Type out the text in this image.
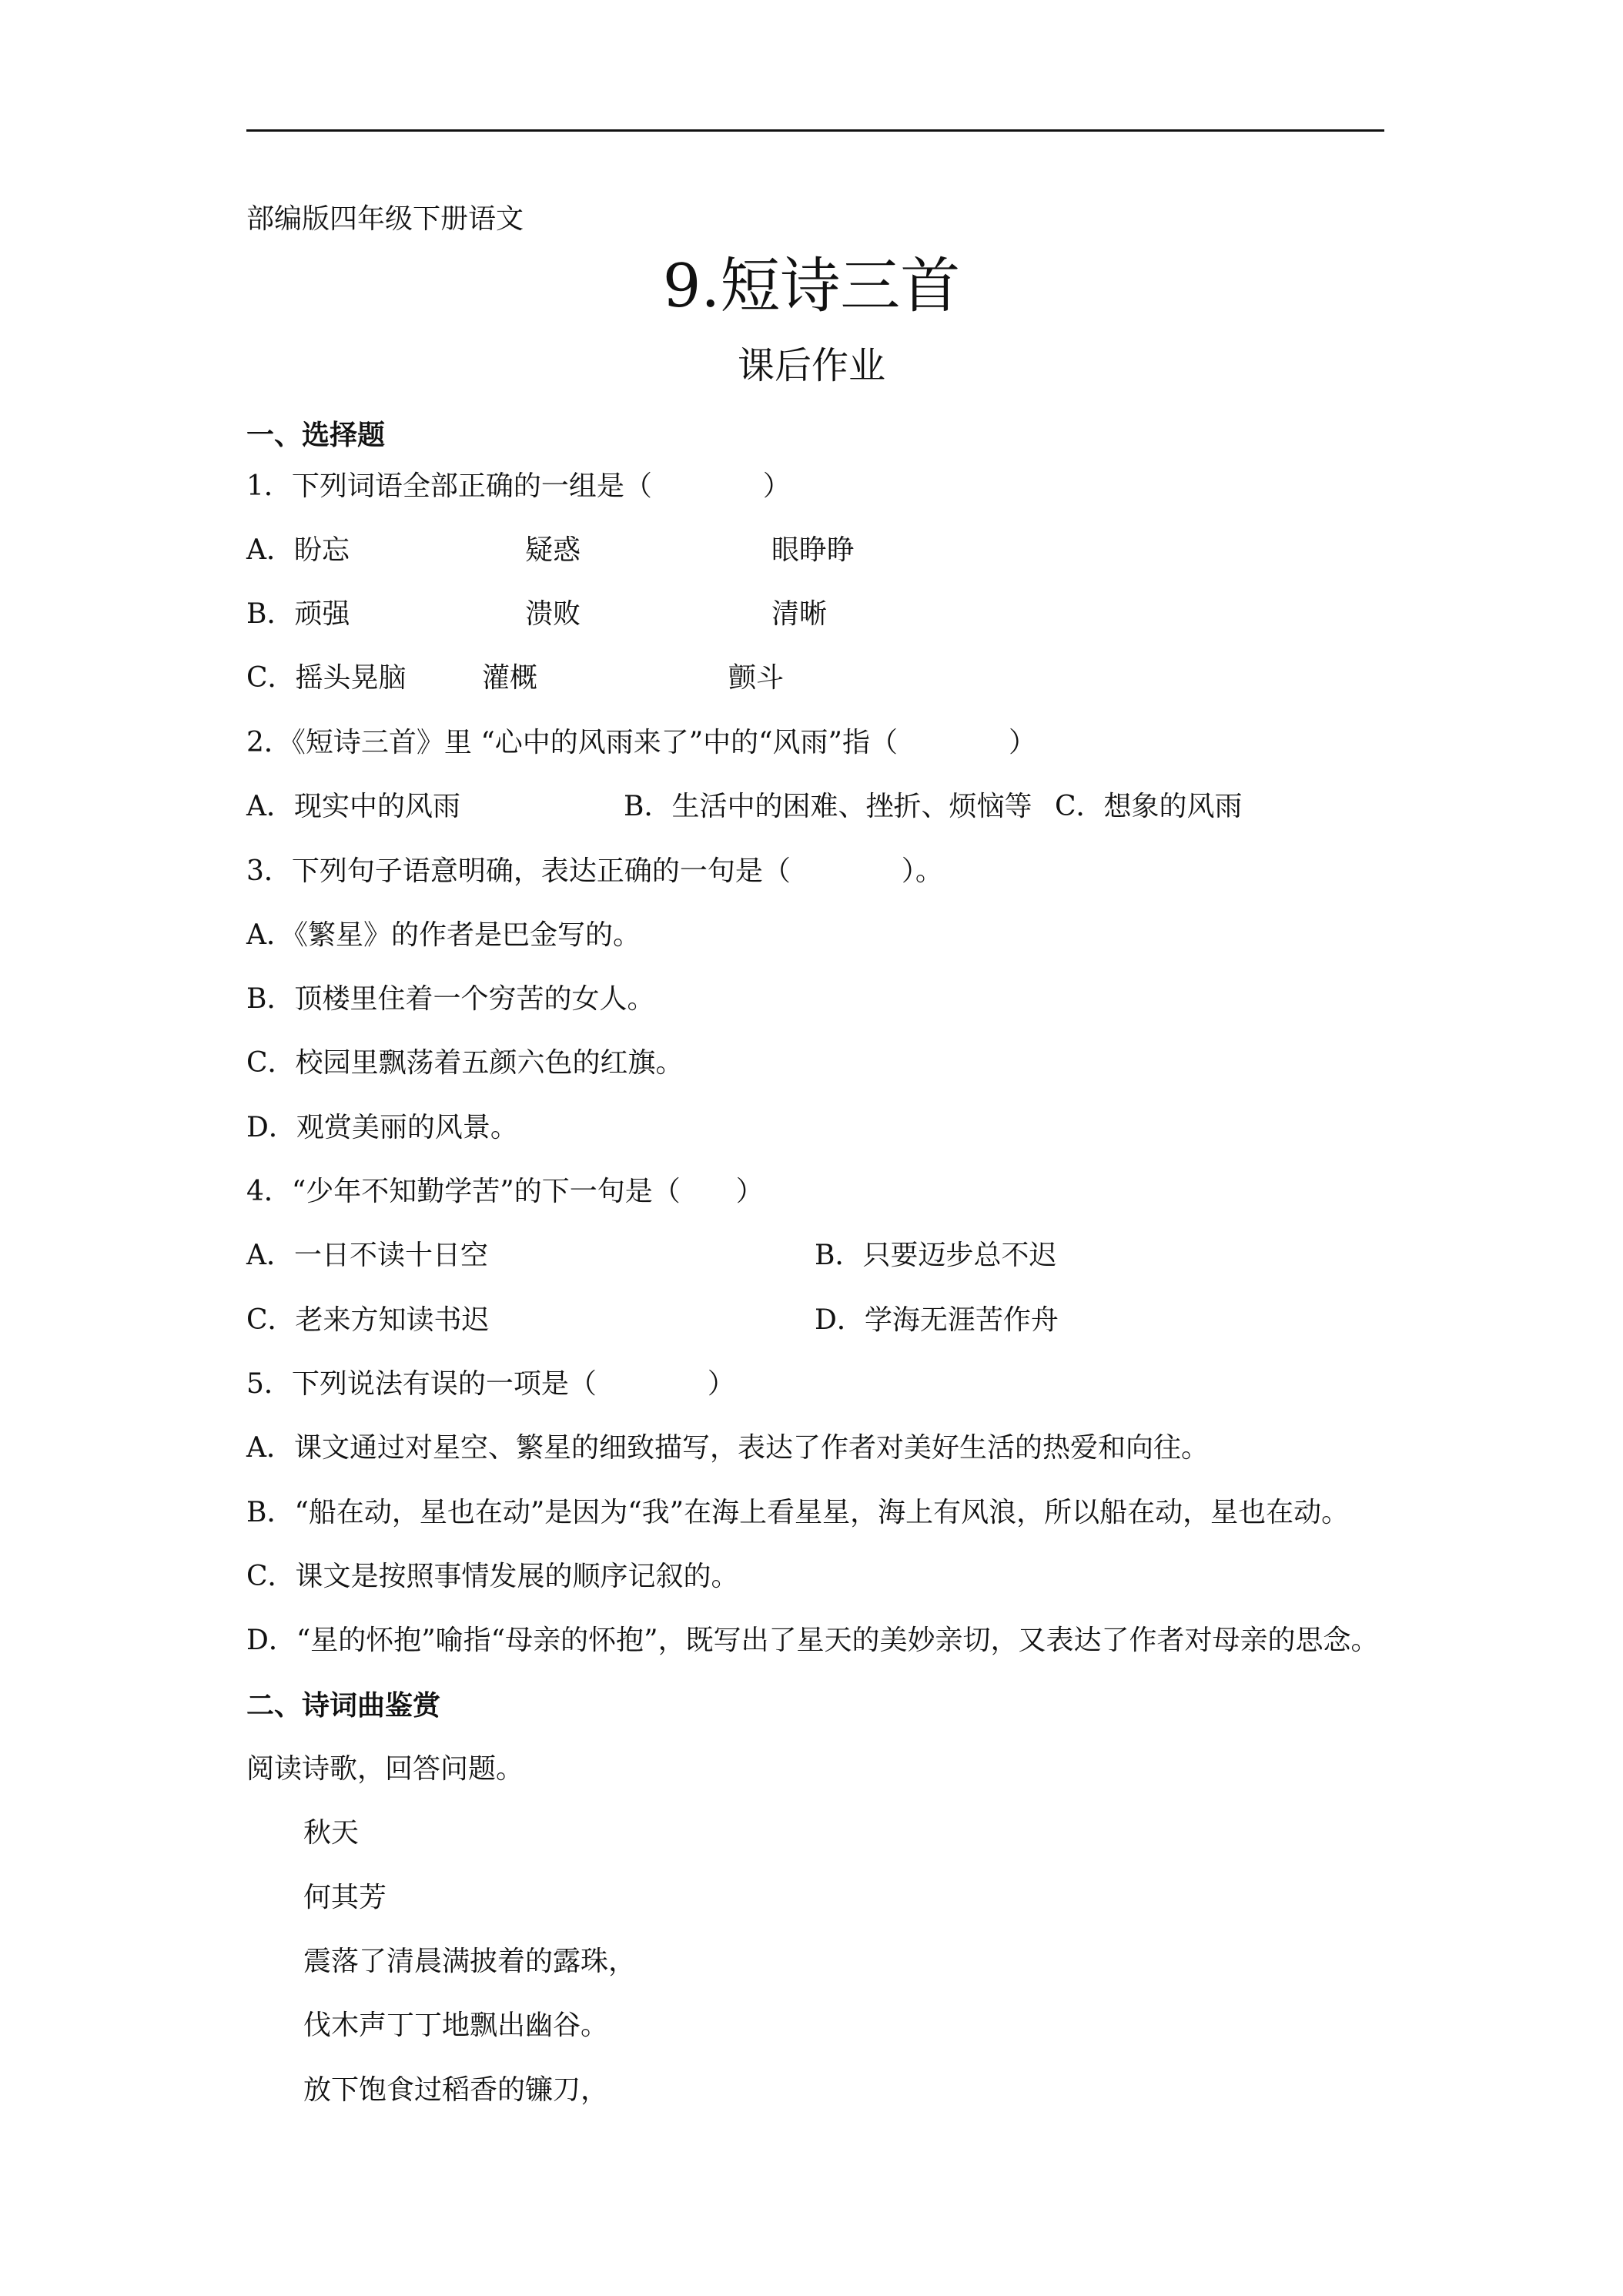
部编版四年级下册语文
9.短诗三首
课后作业
一、选择题
1．下列词语全部正确的一组是（　　　　）
A．盼忘	疑惑	眼睁睁
B．顽强	溃败	清晰
C．摇头晃脑	灌概	颤斗
2．《短诗三首》里 “心中的风雨来了”中的“风雨”指（　　　　）
A．现实中的风雨	B．生活中的困难、挫折、烦恼等 C．想象的风雨
3．下列句子语意明确，表达正确的一句是（　　　　）。
A．《繁星》的作者是巴金写的。
B．顶楼里住着一个穷苦的女人。
C．校园里飘荡着五颜六色的红旗。
D．观赏美丽的风景。
4．“少年不知勤学苦”的下一句是（　　）
A．一日不读十日空	B．只要迈步总不迟
C．老来方知读书迟	D．学海无涯苦作舟
5．下列说法有误的一项是（　　　　）
A．课文通过对星空、繁星的细致描写，表达了作者对美好生活的热爱和向往。
B．“船在动，星也在动”是因为“我”在海上看星星，海上有风浪，所以船在动，星也在动。
C．课文是按照事情发展的顺序记叙的。
D．“星的怀抱”喻指“母亲的怀抱”，既写出了星天的美妙亲切，又表达了作者对母亲的思念。
二、诗词曲鉴赏
阅读诗歌，回答问题。
秋天
何其芳
震落了清晨满披着的露珠，
伐木声丁丁地飘出幽谷。
放下饱食过稻香的镰刀，
